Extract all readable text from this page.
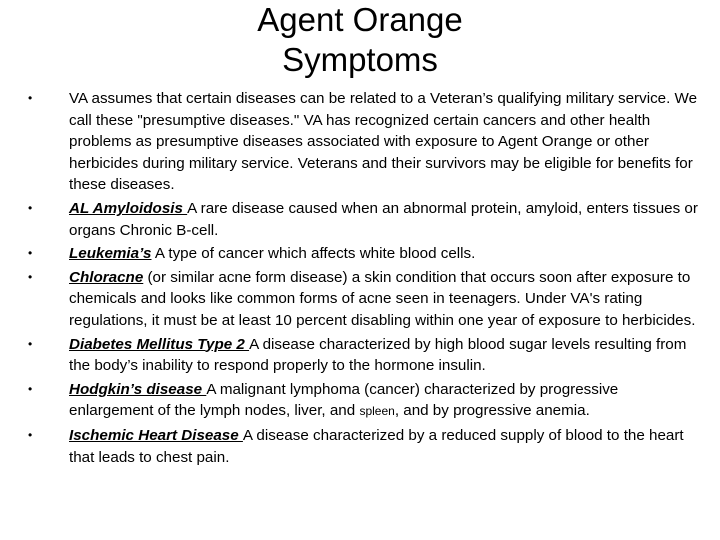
Agent Orange
Symptoms
• VA assumes that certain diseases can be related to a Veteran’s qualifying military service. We call these "presumptive diseases." VA has recognized certain cancers and other health problems as presumptive diseases associated with exposure to Agent Orange or other herbicides during military service. Veterans and their survivors may be eligible for benefits for these diseases.
• AL Amyloidosis A rare disease caused when an abnormal protein, amyloid, enters tissues or organs Chronic B-cell.
• Leukemia’s A type of cancer which affects white blood cells.
• Chloracne (or similar acne form disease) a skin condition that occurs soon after exposure to chemicals and looks like common forms of acne seen in teenagers. Under VA's rating regulations, it must be at least 10 percent disabling within one year of exposure to herbicides.
• Diabetes Mellitus Type 2 A disease characterized by high blood sugar levels resulting from the body’s inability to respond properly to the hormone insulin.
• Hodgkin’s disease A malignant lymphoma (cancer) characterized by progressive enlargement of the lymph nodes, liver, and spleen, and by progressive anemia.
• Ischemic Heart Disease A disease characterized by a reduced supply of blood to the heart that leads to chest pain.
